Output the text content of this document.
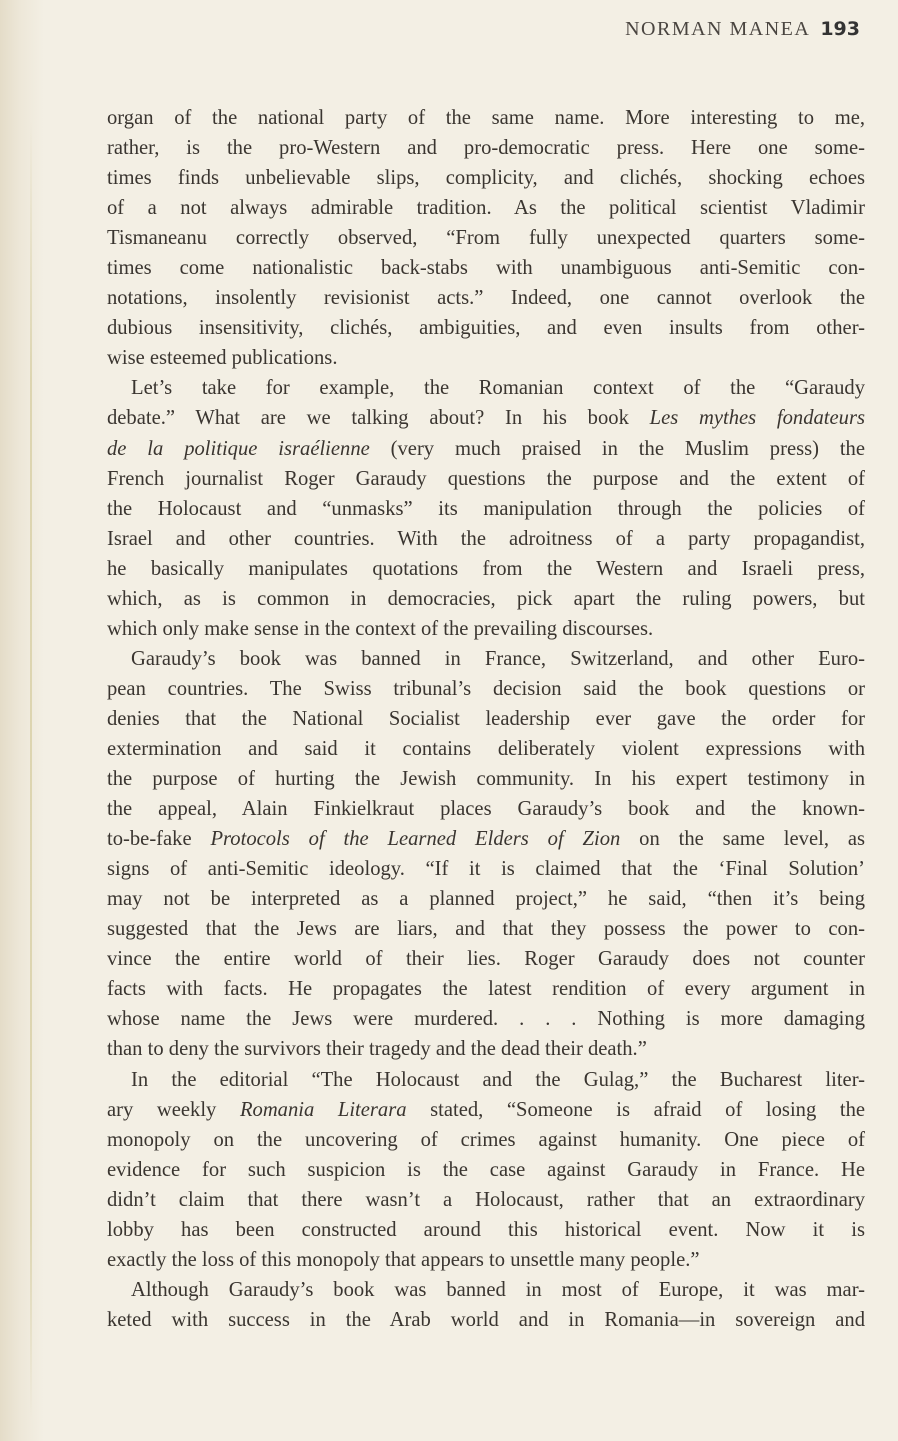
NORMAN MANEA 193
organ of the national party of the same name. More interesting to me,
rather, is the pro-Western and pro-democratic press. Here one some-
times finds unbelievable slips, complicity, and clichés, shocking echoes
of a not always admirable tradition. As the political scientist Vladimir
Tismaneanu correctly observed, “From fully unexpected quarters some-
times come nationalistic back-stabs with unambiguous anti-Semitic con-
notations, insolently revisionist acts.” Indeed, one cannot overlook the
dubious insensitivity, clichés, ambiguities, and even insults from other-
wise esteemed publications.
Let’s take for example, the Romanian context of the “Garaudy
debate.” What are we talking about? In his book Les mythes fondateurs
de la politique israélienne (very much praised in the Muslim press) the
French journalist Roger Garaudy questions the purpose and the extent of
the Holocaust and “unmasks” its manipulation through the policies of
Israel and other countries. With the adroitness of a party propagandist,
he basically manipulates quotations from the Western and Israeli press,
which, as is common in democracies, pick apart the ruling powers, but
which only make sense in the context of the prevailing discourses.
Garaudy’s book was banned in France, Switzerland, and other Euro-
pean countries. The Swiss tribunal’s decision said the book questions or
denies that the National Socialist leadership ever gave the order for
extermination and said it contains deliberately violent expressions with
the purpose of hurting the Jewish community. In his expert testimony in
the appeal, Alain Finkielkraut places Garaudy’s book and the known-
to-be-fake Protocols of the Learned Elders of Zion on the same level, as
signs of anti-Semitic ideology. “If it is claimed that the ‘Final Solution’
may not be interpreted as a planned project,” he said, “then it’s being
suggested that the Jews are liars, and that they possess the power to con-
vince the entire world of their lies. Roger Garaudy does not counter
facts with facts. He propagates the latest rendition of every argument in
whose name the Jews were murdered. . . . Nothing is more damaging
than to deny the survivors their tragedy and the dead their death.”
In the editorial “The Holocaust and the Gulag,” the Bucharest liter-
ary weekly Romania Literara stated, “Someone is afraid of losing the
monopoly on the uncovering of crimes against humanity. One piece of
evidence for such suspicion is the case against Garaudy in France. He
didn’t claim that there wasn’t a Holocaust, rather that an extraordinary
lobby has been constructed around this historical event. Now it is
exactly the loss of this monopoly that appears to unsettle many people.”
Although Garaudy’s book was banned in most of Europe, it was mar-
keted with success in the Arab world and in Romania—in sovereign and
